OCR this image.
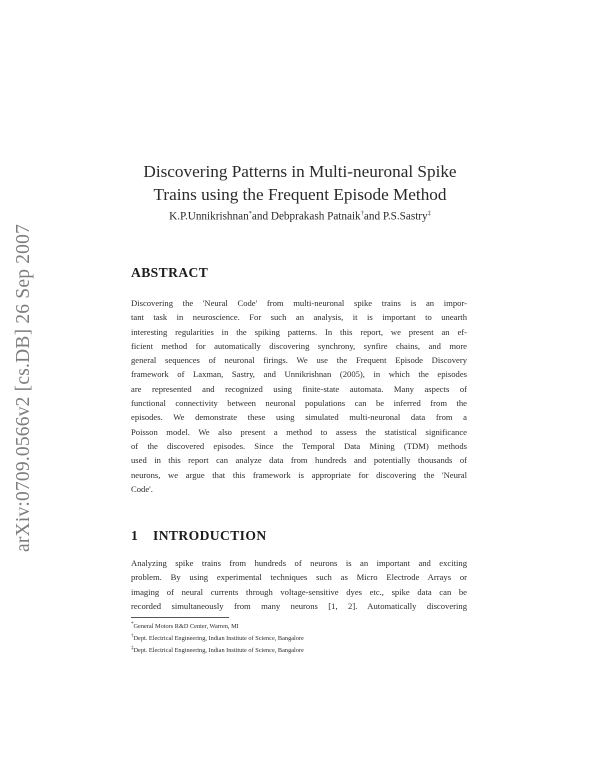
arXiv:0709.0566v2 [cs.DB] 26 Sep 2007
Discovering Patterns in Multi-neuronal Spike
Trains using the Frequent Episode Method
K.P.Unnikrishnan*and Debprakash Patnaik†and P.S.Sastry‡
ABSTRACT
Discovering the 'Neural Code' from multi-neuronal spike trains is an impor-
tant task in neuroscience. For such an analysis, it is important to unearth
interesting regularities in the spiking patterns. In this report, we present an ef-
ficient method for automatically discovering synchrony, synfire chains, and more
general sequences of neuronal firings. We use the Frequent Episode Discovery
framework of Laxman, Sastry, and Unnikrishnan (2005), in which the episodes
are represented and recognized using finite-state automata. Many aspects of
functional connectivity between neuronal populations can be inferred from the
episodes. We demonstrate these using simulated multi-neuronal data from a
Poisson model. We also present a method to assess the statistical significance
of the discovered episodes. Since the Temporal Data Mining (TDM) methods
used in this report can analyze data from hundreds and potentially thousands of
neurons, we argue that this framework is appropriate for discovering the 'Neural
Code'.
1 INTRODUCTION
Analyzing spike trains from hundreds of neurons is an important and exciting
problem. By using experimental techniques such as Micro Electrode Arrays or
imaging of neural currents through voltage-sensitive dyes etc., spike data can be
recorded simultaneously from many neurons [1, 2]. Automatically discovering
*General Motors R&D Center, Warren, MI
†Dept. Electrical Engineering, Indian Institute of Science, Bangalore
‡Dept. Electrical Engineering, Indian Institute of Science, Bangalore
